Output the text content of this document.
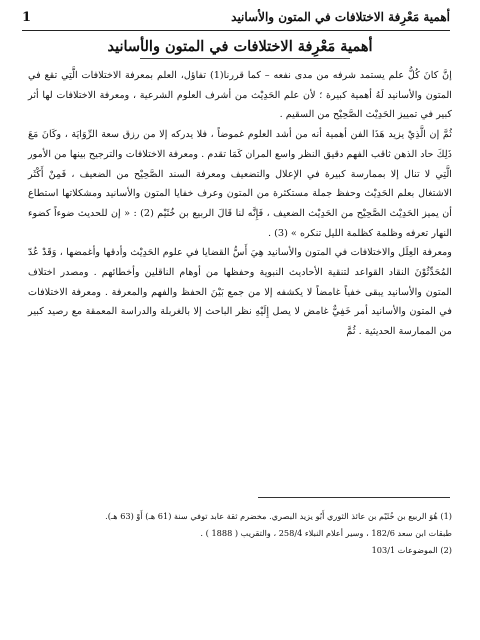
1	أهمية مَعْرِفة الاختلافات في المتون والأسانيد
أهمية مَعْرِفة الاختلافات في المتون والأسانيد

إنَّ كانَ كُلُّ علم يستمد شرفه من مدى نفعه – كما قررنا(1) تفاؤل، العلم بمعرفة الاختلافات الَّتِي تقع في المتون والأسانيد لَهُ أهمية كبيرة ؛ لأن علم الحَدِيْث من أشرف العلوم الشرعية ، ومعرفة الاختلافات لها أثر كبير في تمييز الحَدِيْث الصَّحِيْح من السقيم .

ثُمَّ إن الَّذِيْ يزيد هَذَا الفن أهمية أنه من أشد العلوم غموضاً ، فلا يدركه إلا من رزق سعة الرِّوَايَة ، وكَانَ مَعَ ذَلِكَ حاد الذهن ثاقب الفهم دقيق النظر واسع المران كَمَا تقدم . ومعرفة الاختلافات والترجيح بينها من الأمور الَّتِي لا تنال إلا بممارسة كبيرة في الإعلال والتضعيف ومعرفة السند الصَّحِيْح من الضعيف ، فَمِنْ أَكْثَر الاشتغال بعلم الحَدِيْث وحفظ جملة مستكثرة من المتون وعرف خفايا المتون والأسانيد ومشكلاتها استطاع أن يميز الحَدِيْث الصَّحِيْح من الحَدِيْث الضعيف ، فَإِنَّه لنا قَالَ الربيع بن خُثَيْم (2) : « إن للحديث ضوءاً كضوء النهار تعرفه وظلمة كظلمة الليل تنكره » (3) .

ومعرفة العِلَل والاختلافات في المتون والأسانيد هِيَ أَسُّ القضايا في علوم الحَدِيْث وأدقها وأغمضها ، وَقَدْ عُدّ المُحَدِّثُوْنَ النقاد القواعد لتنقية الأحاديث النبوية وحفظها من أوهام الناقلين وأخطائهم . ومصدر اختلاف المتون والأسانيد يبقى خفياً غامضاً لا يكشفه إلا من جمع بَيْنَ الحفظ والفهم والمعرفة . ومعرفة الاختلافات في المتون والأسانيد أمر خَفِيٌّ غامض لا يصل إِلَيْهِ نظر الباحث إلا بالغربلة والدراسة المعمقة مع رصيد كبير من الممارسة الحديثية . ثُمَّ

(1) هُوَ الربيع بن خُثَيْم بن عائذ الثوري أَبُو يزيد البصري. مخضرم ثقة عابد توفي سنة (61 هـ) أَوْ (63 هـ).
طبقات ابن سعد 182/6 ، وسير أعلام النبلاء 258/4 ، والتقريب ( 1888 ) .
(2) الموضوعات 103/1
